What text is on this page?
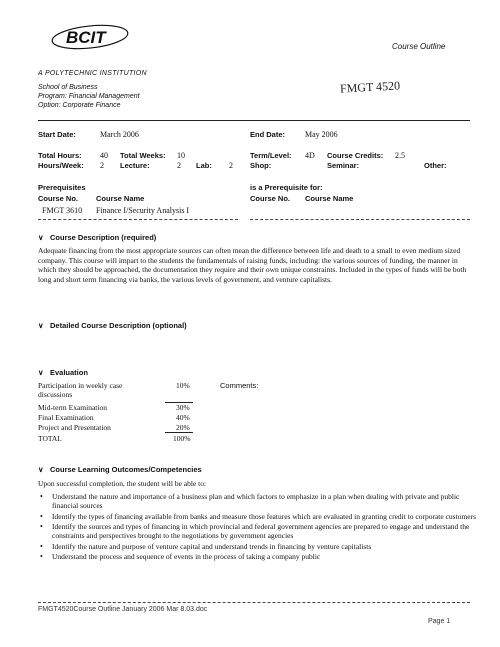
BCIT	Course Outline
A POLYTECHNIC INSTITUTION
School of Business
Program: Financial Management
Option: Corporate Finance
FMGT 4520
Start Date:	March 2006	End Date: May 2006
Total Hours: 40 Total Weeks: 10	Term/Level: 4D Course Credits: 2.5
Hours/Week: 2 Lecture:	2 Lab: 2 Shop:	Seminar:	Other:
Prerequisites	is a Prerequisite for:
Course No. Course Name	Course No. Course Name
FMGT 3610 Finance I/Security Analysis I
∨ Course Description (required)
Adequate financing from the most appropriate sources can often mean the difference between life and death to a small to even medium sized company. This course will impart to the students the fundamentals of raising funds, including: the various sources of funding, the manner in which they should be approached, the documentation they require and their own unique constraints. Included in the types of funds will be both long and short term financing via banks, the various levels of government, and venture capitalists.
∨ Detailed Course Description (optional)
∨ Evaluation
Participation in weekly case
discussions
10%	Comments:
Mid-term Examination	30%
Final Examination	40%
Project and Presentation	20%
TOTAL	100%
∨ Course Learning Outcomes/Competencies
Upon successful completion, the student will be able to:
• Understand the nature and importance of a business plan and which factors to emphasize in a plan when dealing with private and public financial sources
• Identify the types of financing available from banks and measure those features which are evaluated in granting credit to corporate customers
• Identify the sources and types of financing in which provincial and federal government agencies are prepared to engage and understand the constraints and perspectives brought to the negotiations by government agencies
• Identify the nature and purpose of venture capital and understand trends in financing by venture capitalists
• Understand the process and sequence of events in the process of taking a company public
FMGT4520Course Outline January 2006 Mar 8.03.doc
Page 1
